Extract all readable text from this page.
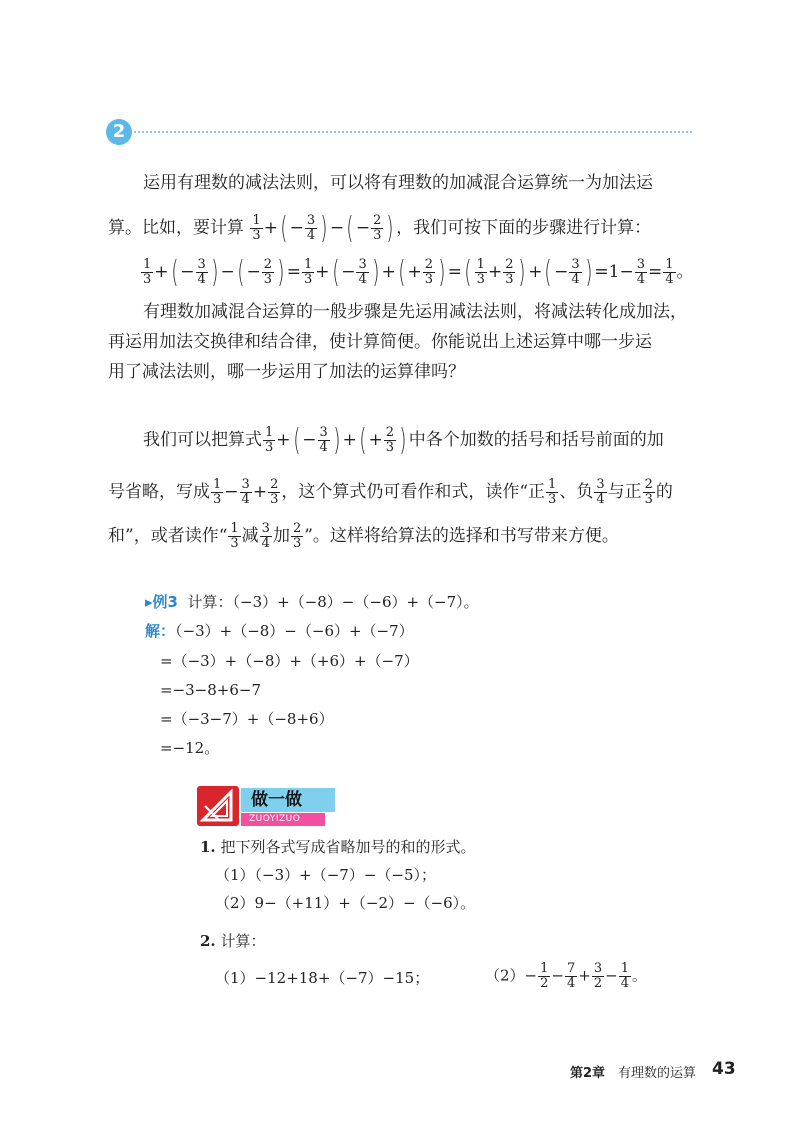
2
运用有理数的减法法则，可以将有理数的加减混合运算统一为加法运
算。比如，要计算 $\frac{1}{3}$ +( − $\frac{3}{4}$ ) −( − $\frac{2}{3}$ ) ，我们可按下面的步骤进行计算：
$\frac{1}{3}$ +( − $\frac{3}{4}$ ) −( − $\frac{2}{3}$ ) = $\frac{1}{3}$ +( − $\frac{3}{4}$ ) +( + $\frac{2}{3}$ ) =( $\frac{1}{3} + \frac{2}{3}$ ) +( − $\frac{3}{4}$ ) $=1- \frac{3}{4} = \frac{1}{4}$ 。
有理数加减混合运算的一般步骤是先运用减法法则，将减法转化成加法，
再运用加法交换律和结合律，使计算简便。你能说出上述运算中哪一步运
用了减法法则，哪一步运用了加法的运算律吗？
我们可以把算式 $\frac{1}{3}$ +( − $\frac{3}{4}$ ) +( + $\frac{2}{3}$ ) 中各个加数的括号和括号前面的加
号省略，写成 $\frac{1}{3} - \frac{3}{4} + \frac{2}{3}$ ，这个算式仍可看作和式，读作“正 $\frac{1}{3}$ 、负 $\frac{3}{4}$ 与正 $\frac{2}{3}$ 的
和”，或者读作“ $\frac{1}{3}$ 减 $\frac{3}{4}$ 加 $\frac{2}{3}$ ”。这样将给算法的选择和书写带来方便。
▸例3 计算：（−3）+（−8）−（−6）+（−7）。
解：（−3）+（−8）−（−6）+（−7）
=（−3）+（−8）+（+6）+（−7）
=−3−8+6−7
=（−3−7）+（−8+6）
=−12。
做一做
ZUOYIZUO
1. 把下列各式写成省略加号的和的形式。
（1）（−3）+（−7）−（−5）；
（2）9−（+11）+（−2）−（−6）。
2. 计算：
（1）−12+18+（−7）−15；	$(2)- \frac{1}{2} - \frac{7}{4} + \frac{3}{2} - \frac{1}{4}$ 。
第2章 有理数的运算 43
